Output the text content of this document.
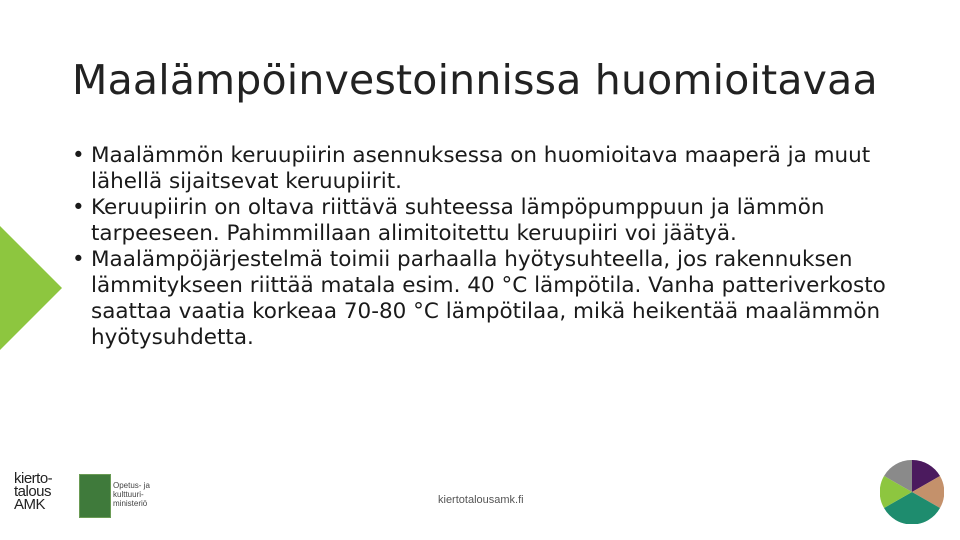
Maalämpöinvestoinnissa huomioitavaa
• Maalämmön keruupiirin asennuksessa on huomioitava maaperä ja muut lähellä sijaitsevat keruupiirit.
• Keruupiirin on oltava riittävä suhteessa lämpöpumppuun ja lämmön tarpeeseen. Pahimmillaan alimitoitettu keruupiiri voi jäätyä.
• Maalämpöjärjestelmä toimii parhaalla hyötysuhteella, jos rakennuksen lämmitykseen riittää matala esim. 40 °C lämpötila. Vanha patteriverkosto saattaa vaatia korkeaa 70-80 °C lämpötilaa, mikä heikentää maalämmön hyötysuhdetta.
kierto-
talous
AMK
Opetus- ja
kulttuuri-
ministeriö	kiertotalousamk.fi
